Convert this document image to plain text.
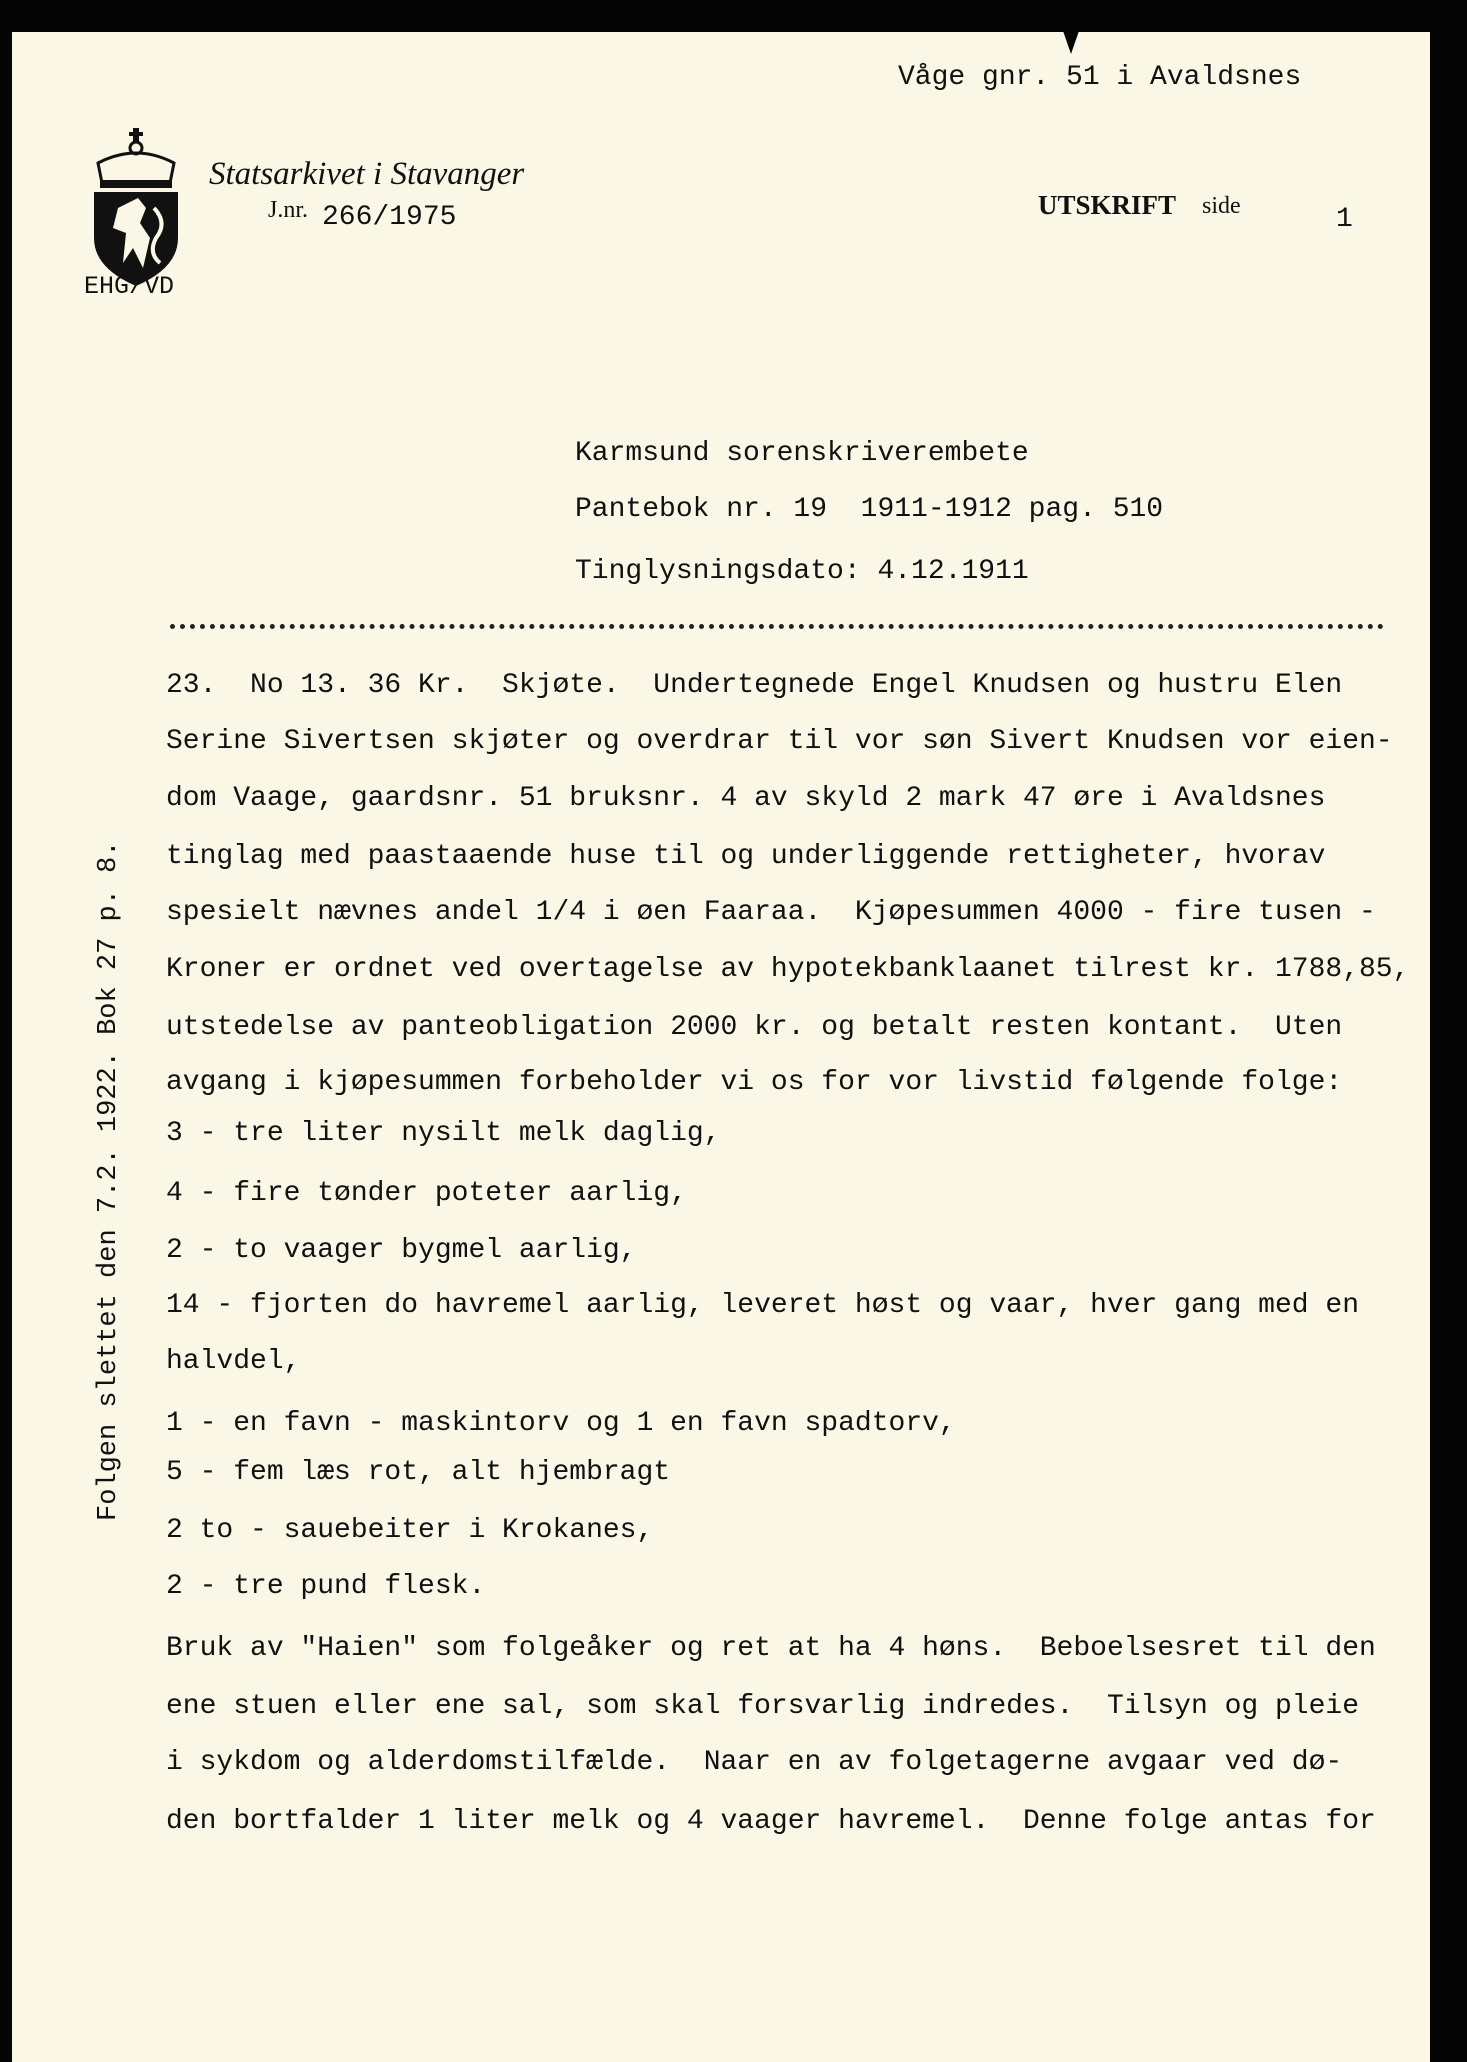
Våge gnr. 51 i Avaldsnes
Statsarkivet i Stavanger
J.nr. 266/1975	UTSKRIFT side	1
EHG/VD
Karmsund sorenskriverembete
Pantebok nr. 19  1911-1912 pag. 510
Tinglysningsdato: 4.12.1911
23.  No 13. 36 Kr.  Skjøte.  Undertegnede Engel Knudsen og hustru Elen
Serine Sivertsen skjøter og overdrar til vor søn Sivert Knudsen vor eien-
dom Vaage, gaardsnr. 51 bruksnr. 4 av skyld 2 mark 47 øre i Avaldsnes
tinglag med paastaaende huse til og underliggende rettigheter, hvorav
spesielt nævnes andel 1/4 i øen Faaraa.  Kjøpesummen 4000 - fire tusen -
Kroner er ordnet ved overtagelse av hypotekbanklaanet tilrest kr. 1788,85,
utstedelse av panteobligation 2000 kr. og betalt resten kontant.  Uten
avgang i kjøpesummen forbeholder vi os for vor livstid følgende folge:
3 - tre liter nysilt melk daglig,
4 - fire tønder poteter aarlig,
2 - to vaager bygmel aarlig,
14 - fjorten do havremel aarlig, leveret høst og vaar, hver gang med en
halvdel,
1 - en favn - maskintorv og 1 en favn spadtorv,
5 - fem læs rot, alt hjembragt
2 to - sauebeiter i Krokanes,
2 - tre pund flesk.
Bruk av "Haien" som folgeåker og ret at ha 4 høns.  Beboelsesret til den
ene stuen eller ene sal, som skal forsvarlig indredes.  Tilsyn og pleie
i sykdom og alderdomstilfælde.  Naar en av folgetagerne avgaar ved dø-
den bortfalder 1 liter melk og 4 vaager havremel.  Denne folge antas for
Folgen slettet den 7.2. 1922. Bok 27 p. 8.
